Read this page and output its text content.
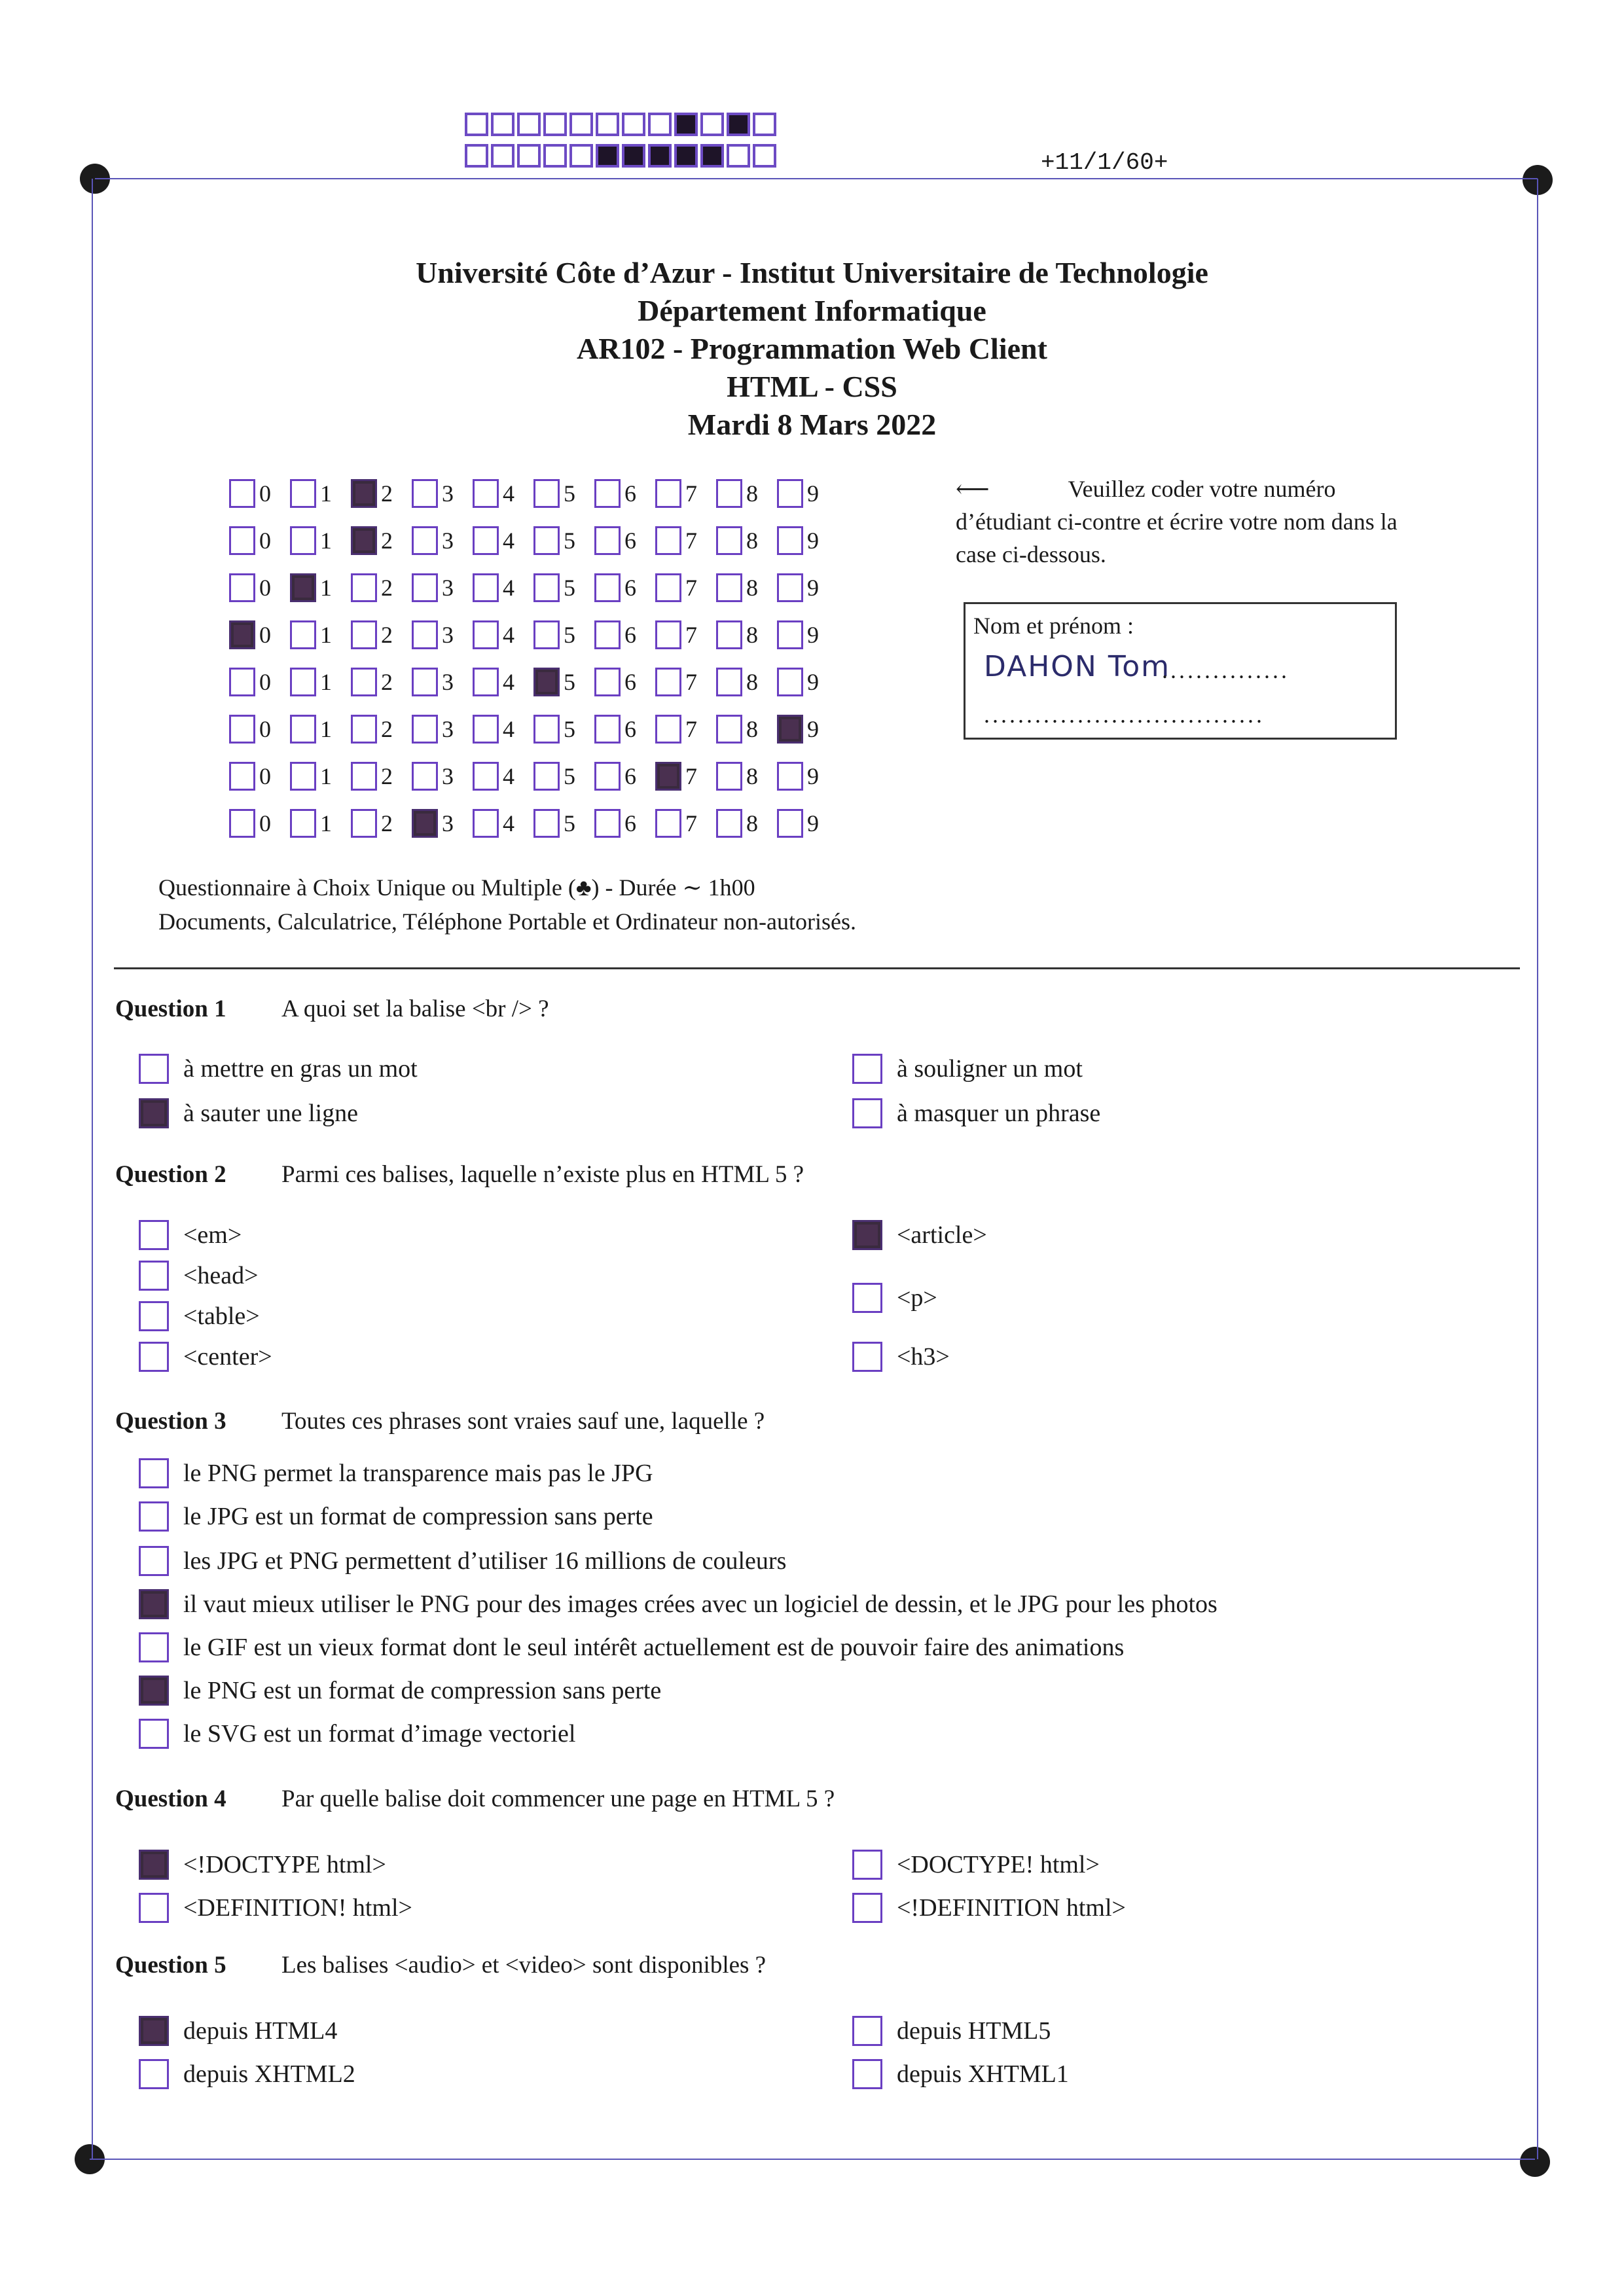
+11/1/60+
Université Côte d’Azur - Institut Universitaire de Technologie
Département Informatique
AR102 - Programmation Web Client
HTML - CSS
Mardi 8 Mars 2022
0 1 2 3 4 5 6 7 8 9
0 1 2 3 4 5 6 7 8 9
0 1 2 3 4 5 6 7 8 9
0 1 2 3 4 5 6 7 8 9
0 1 2 3 4 5 6 7 8 9
0 1 2 3 4 5 6 7 8 9
0 1 2 3 4 5 6 7 8 9
0 1 2 3 4 5 6 7 8 9
⟵	Veuillez coder votre numéro d’étudiant ci-contre et écrire votre nom dans la case ci-dessous.
Nom et prénom :
DAHON Tom
...............
.................................
Questionnaire à Choix Unique ou Multiple (♣) - Durée ∼ 1h00
Documents, Calculatrice, Téléphone Portable et Ordinateur non-autorisés.
Question 1 A quoi set la balise <br /> ?
à mettre en gras un mot
à sauter une ligne
à souligner un mot
à masquer un phrase
Question 2 Parmi ces balises, laquelle n’existe plus en HTML 5 ?
<em>
<head>
<table>
<center>
<article>
<p>
<h3>
Question 3 Toutes ces phrases sont vraies sauf une, laquelle ?
le PNG permet la transparence mais pas le JPG
le JPG est un format de compression sans perte
les JPG et PNG permettent d’utiliser 16 millions de couleurs
il vaut mieux utiliser le PNG pour des images crées avec un logiciel de dessin, et le JPG pour les photos
le GIF est un vieux format dont le seul intérêt actuellement est de pouvoir faire des animations
le PNG est un format de compression sans perte
le SVG est un format d’image vectoriel
Question 4 Par quelle balise doit commencer une page en HTML 5 ?
<!DOCTYPE html>
<DEFINITION! html>
<DOCTYPE! html>
<!DEFINITION html>
Question 5 Les balises <audio> et <video> sont disponibles ?
depuis HTML4
depuis XHTML2
depuis HTML5
depuis XHTML1
